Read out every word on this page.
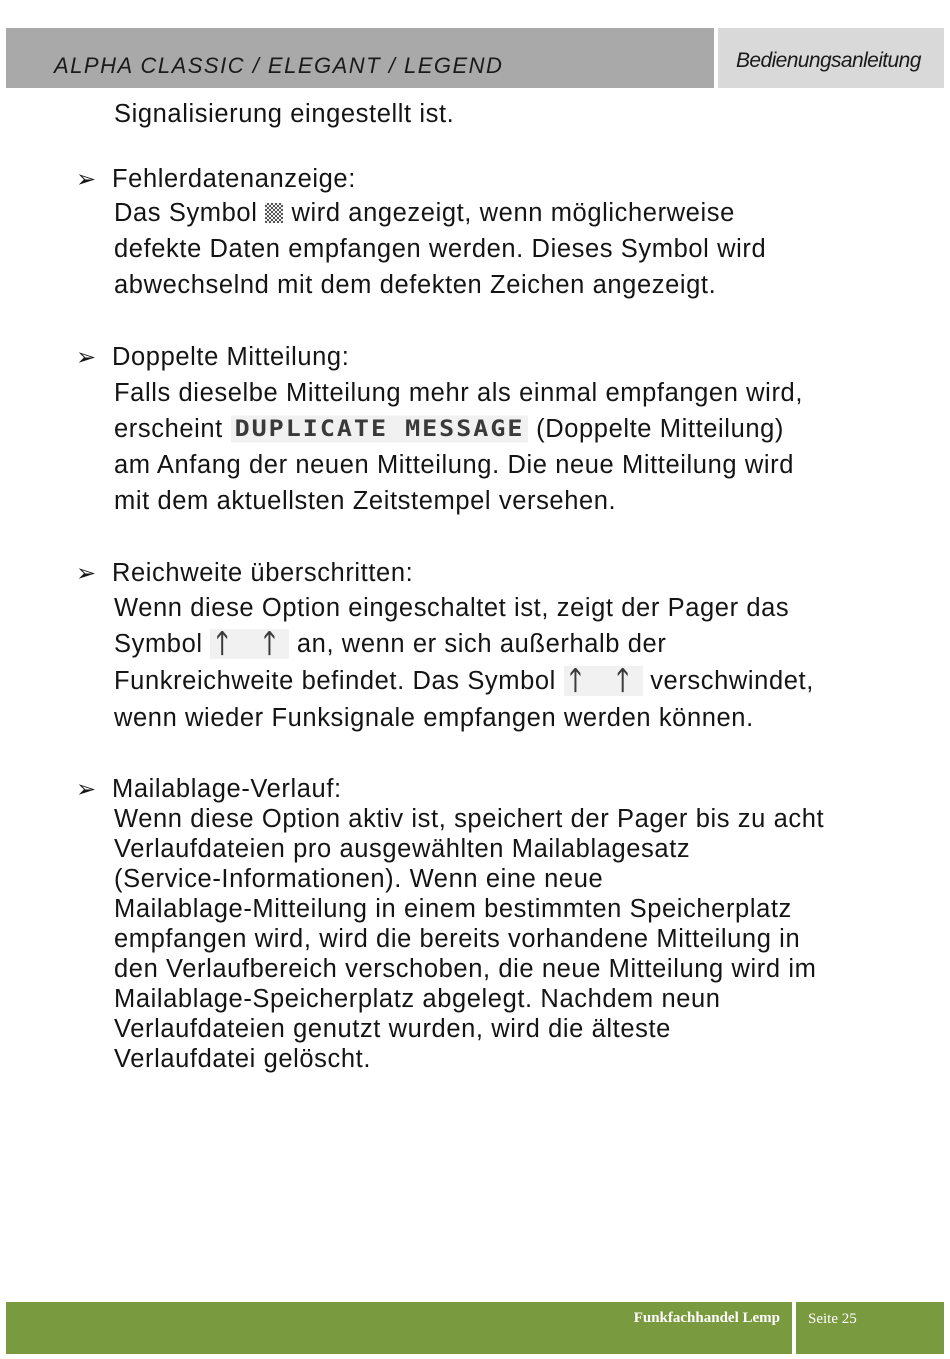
ALPHA CLASSIC / ELEGANT / LEGEND	Bedienungsanleitung
Signalisierung eingestellt ist.
➢ Fehlerdatenanzeige:
Das Symbol wird angezeigt, wenn möglicherweise
defekte Daten empfangen werden. Dieses Symbol wird
abwechselnd mit dem defekten Zeichen angezeigt.
➢ Doppelte Mitteilung:
Falls dieselbe Mitteilung mehr als einmal empfangen wird,
erscheint DUPLICATE MESSAGE (Doppelte Mitteilung)
am Anfang der neuen Mitteilung. Die neue Mitteilung wird
mit dem aktuellsten Zeitstempel versehen.
➢ Reichweite überschritten:
Wenn diese Option eingeschaltet ist, zeigt der Pager das
Symbol ᛏ ᛏ an, wenn er sich außerhalb der
Funkreichweite befindet. Das Symbol ᛏ ᛏ verschwindet,
wenn wieder Funksignale empfangen werden können.
➢ Mailablage-Verlauf:
Wenn diese Option aktiv ist, speichert der Pager bis zu acht
Verlaufdateien pro ausgewählten Mailablagesatz
(Service-Informationen). Wenn eine neue
Mailablage-Mitteilung in einem bestimmten Speicherplatz
empfangen wird, wird die bereits vorhandene Mitteilung in
den Verlaufbereich verschoben, die neue Mitteilung wird im
Mailablage-Speicherplatz abgelegt. Nachdem neun
Verlaufdateien genutzt wurden, wird die älteste
Verlaufdatei gelöscht.
Funkfachhandel Lemp Seite 25
